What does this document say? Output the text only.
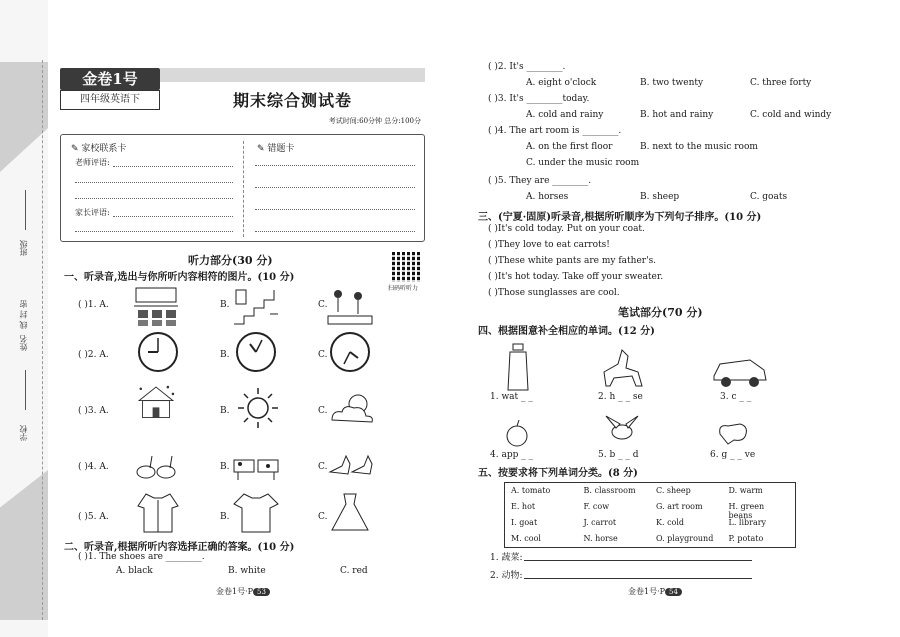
班级
线 封 密
姓名
学校
金卷1号
四年级英语下	期末综合测试卷
考试时间:60分钟 总分:100分
✎ 家校联系卡	✎ 错题卡
老师评语:
家长评语:
听力部分(30 分)
扫码听听力
一、听录音,选出与你所听内容相符的图片。(10 分)
( )1. A.	B.	C.
( )2. A.	B.	C.
( )3. A.	B.	C.
( )4. A.	B.	C.
( )5. A.	B.	C.
二、听录音,根据所听内容选择正确的答案。(10 分)
( )1. The shoes are ________.
A. black	B. white	C. red
金卷1号·P 53
( )2. It's ________.
A. eight o'clock	B. two twenty	C. three forty
( )3. It's ________today.
A. cold and rainy	B. hot and rainy	C. cold and windy
( )4. The art room is ________.
A. on the first floor	B. next to the music room
C. under the music room
( )5. They are ________.
A. horses	B. sheep	C. goats
三、(宁夏·固原)听录音,根据所听顺序为下列句子排序。(10 分)
( )It's cold today. Put on your coat.
( )They love to eat carrots!
( )These white pants are my father's.
( )It's hot today. Take off your sweater.
( )Those sunglasses are cool.
笔试部分(70 分)
四、根据图意补全相应的单词。(12 分)
1. wat _ _	2. h _ _ se	3. c _ _
4. app _ _	5. b _ _ d	6. g _ _ ve
五、按要求将下列单词分类。(8 分)
A. tomato	B. classroom	C. sheep	D. warm
E. hot	F. cow	G. art room	H. green beans
I. goat	J. carrot	K. cold	L. library
M. cool	N. horse	O. playground	P. potato
1. 蔬菜:
2. 动物:
金卷1号·P 54
